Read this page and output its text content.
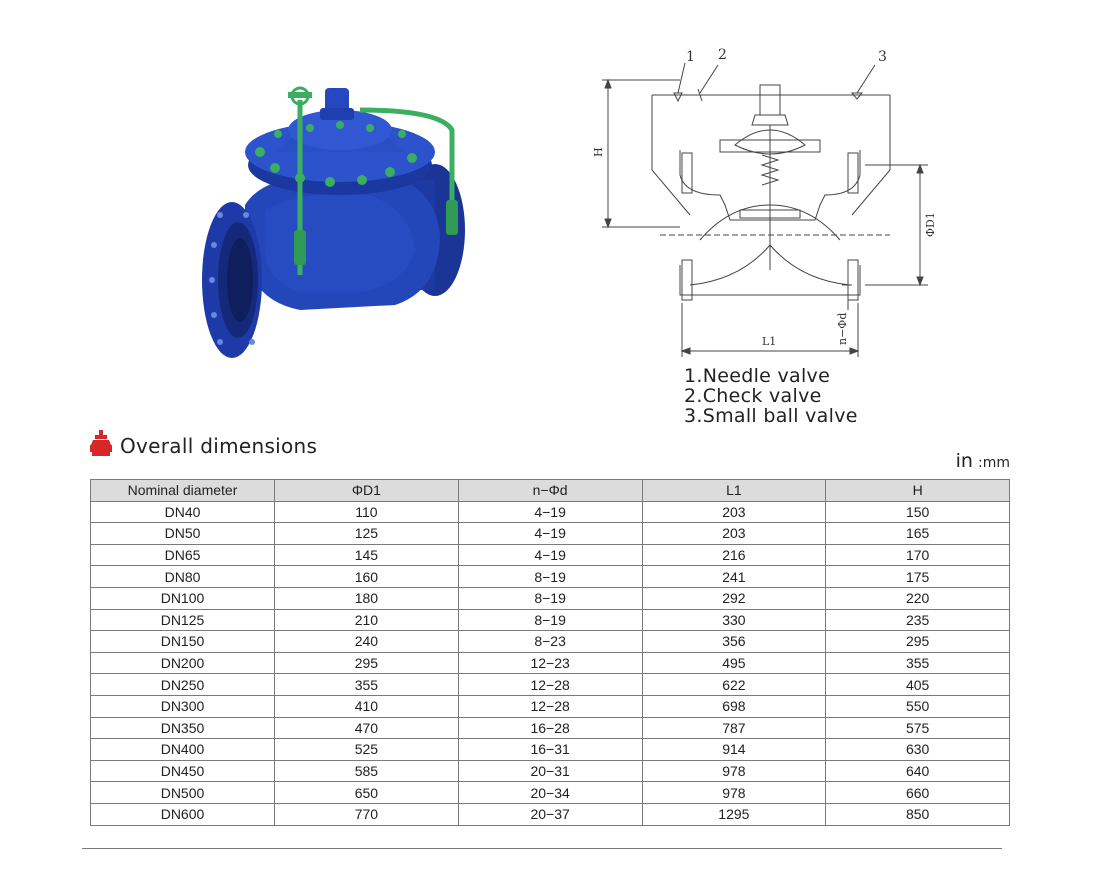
1 2	3
H
ΦD1
n−Φd
L1
1.Needle valve
2.Check valve
3.Small ball valve
Overall dimensions
in :mm
Nominal diameter	ΦD1	n−Φd	L1	H
DN40	110	4−19	203	150
DN50	125	4−19	203	165
DN65	145	4−19	216	170
DN80	160	8−19	241	175
DN100	180	8−19	292	220
DN125	210	8−19	330	235
DN150	240	8−23	356	295
DN200	295	12−23	495	355
DN250	355	12−28	622	405
DN300	410	12−28	698	550
DN350	470	16−28	787	575
DN400	525	16−31	914	630
DN450	585	20−31	978	640
DN500	650	20−34	978	660
DN600	770	20−37	1295	850
